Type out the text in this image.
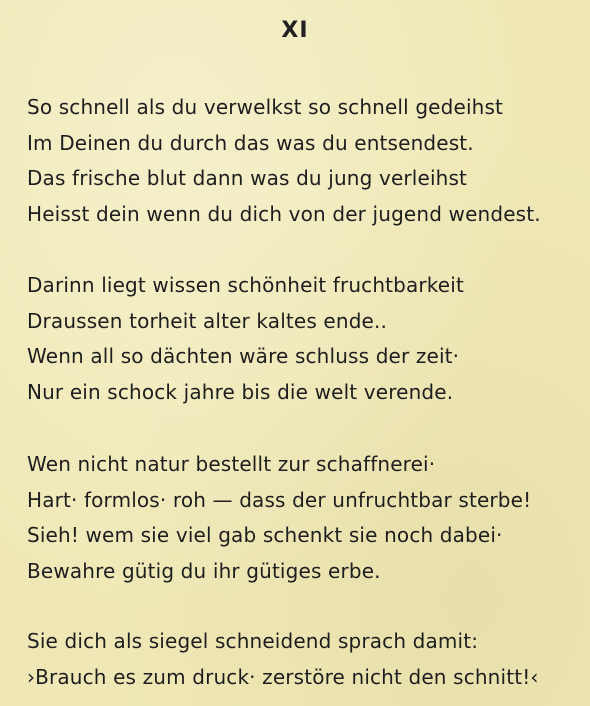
XI
So schnell als du verwelkst so schnell gedeihst
Im Deinen du durch das was du entsendest.
Das frische blut dann was du jung verleihst
Heisst dein wenn du dich von der jugend wendest.
Darinn liegt wissen schönheit fruchtbarkeit
Draussen torheit alter kaltes ende..
Wenn all so dächten wäre schluss der zeit·
Nur ein schock jahre bis die welt verende.
Wen nicht natur bestellt zur schaffnerei·
Hart· formlos· roh — dass der unfruchtbar sterbe!
Sieh! wem sie viel gab schenkt sie noch dabei·
Bewahre gütig du ihr gütiges erbe.
Sie dich als siegel schneidend sprach damit:
›Brauch es zum druck· zerstöre nicht den schnitt!‹
